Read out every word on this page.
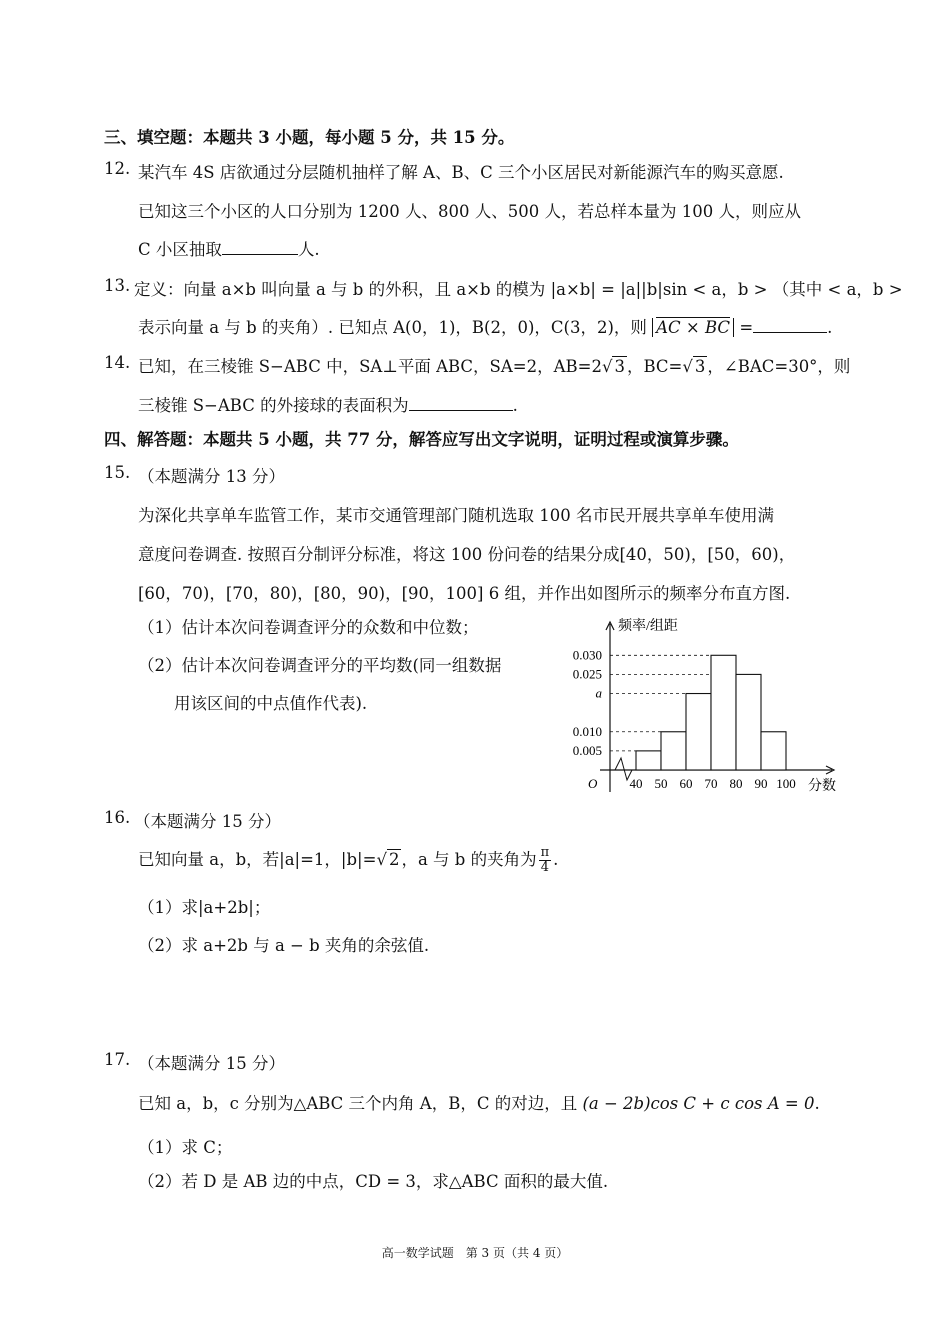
三、填空题：本题共 3 小题，每小题 5 分，共 15 分。
12. 某汽车 4S 店欲通过分层随机抽样了解 A、B、C 三个小区居民对新能源汽车的购买意愿.
已知这三个小区的人口分别为 1200 人、800 人、500 人，若总样本量为 100 人，则应从
C 小区抽取	人.
13. 定义：向量 a×b 叫向量 a 与 b 的外积，且 a×b 的模为 |a×b| = |a||b|sin < a，b > （其中 < a，b >
表示向量 a 与 b 的夹角）. 已知点 A(0，1)，B(2，0)，C(3，2)，则 AC × BC =	.
14. 已知，在三棱锥 S−ABC 中，SA⊥平面 ABC，SA=2，AB=2√ 3 ，BC=√ 3 ，∠BAC=30°，则
三棱锥 S−ABC 的外接球的表面积为	.
四、解答题：本题共 5 小题，共 77 分，解答应写出文字说明，证明过程或演算步骤。
15. （本题满分 13 分）
为深化共享单车监管工作，某市交通管理部门随机选取 100 名市民开展共享单车使用满
意度问卷调查. 按照百分制评分标准，将这 100 份问卷的结果分成[40，50)，[50，60)，
[60，70)，[70，80)，[80，90)，[90，100] 6 组，并作出如图所示的频率分布直方图.
（1）估计本次问卷调查评分的众数和中位数；
（2）估计本次问卷调查评分的平均数(同一组数据
用该区间的中点值作代表).
频率/组距
分数
O
0.030
0.025
a
0.010
0.005
40 50 60 70 80 90 100
16. （本题满分 15 分）
已知向量 a，b，若|a|=1，|b|=√ 2 ，a 与 b 的夹角为 $\frac{\pi}{4}$ .
（1）求|a+2b|；
（2）求 a+2b 与 a − b 夹角的余弦值.
17. （本题满分 15 分）
已知 a，b，c 分别为△ABC 三个内角 A，B，C 的对边，且 (a − 2b)cos C + c cos A = 0.
（1）求 C；
（2）若 D 是 AB 边的中点，CD = 3，求△ABC 面积的最大值.
高一数学试题　第 3 页（共 4 页）
